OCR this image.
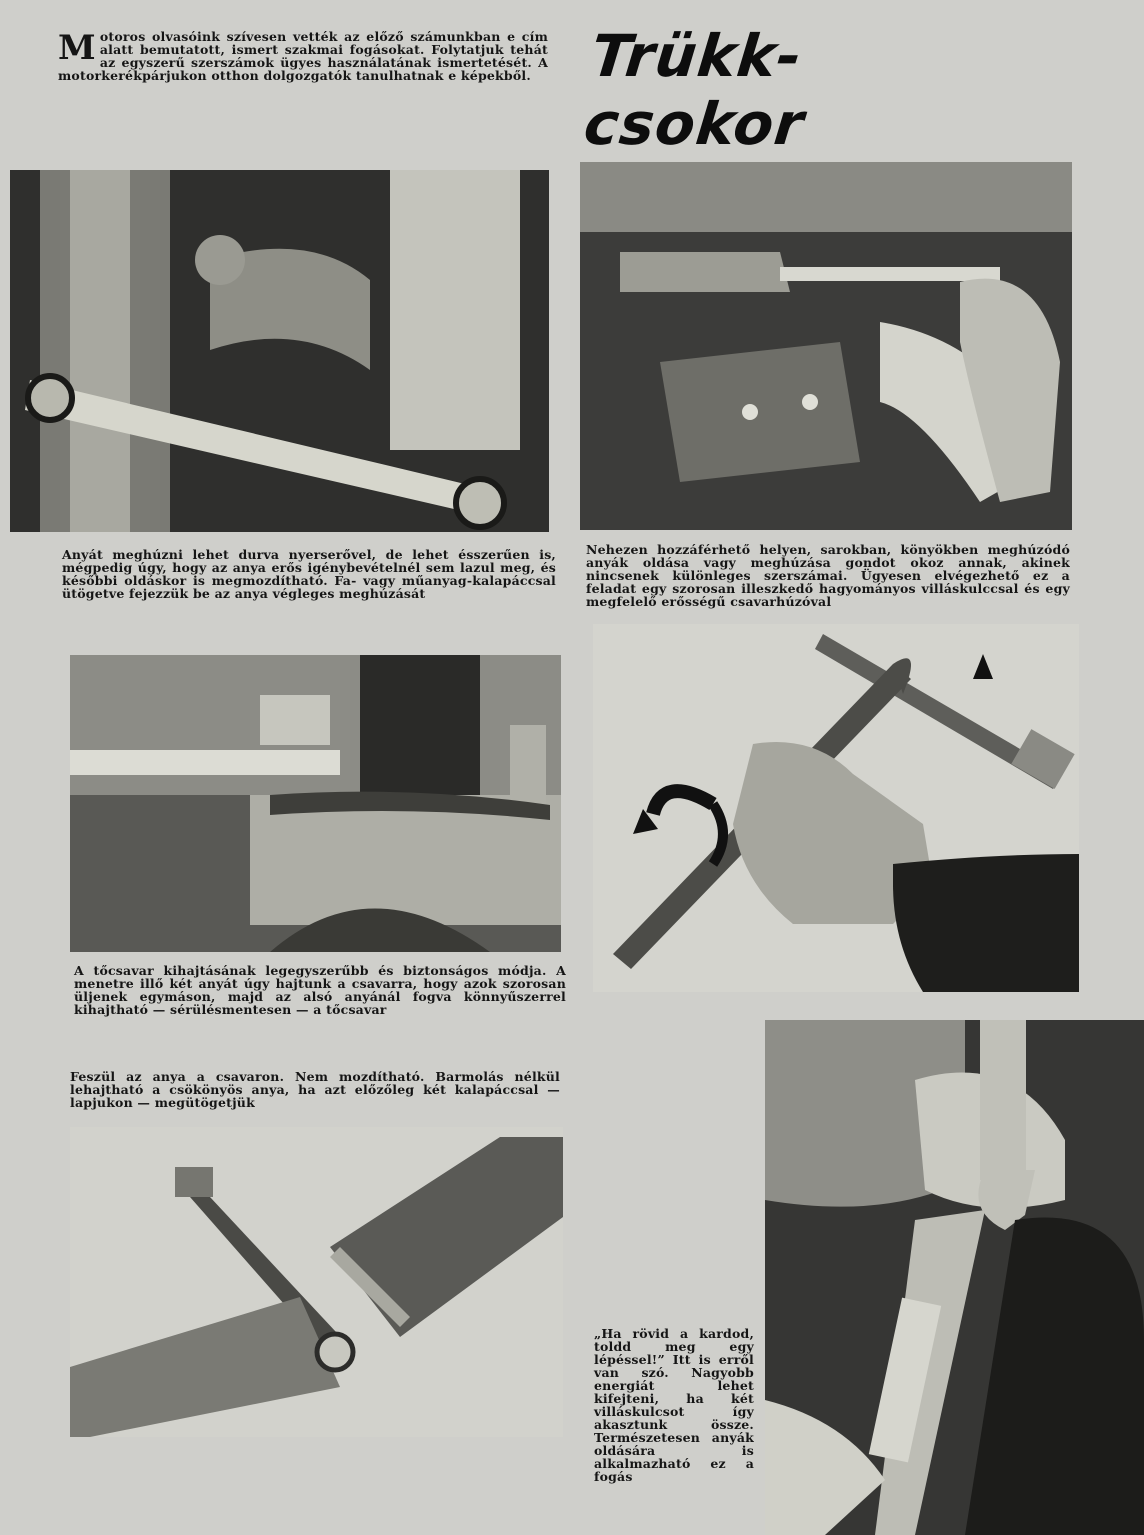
Motoros olvasóink szívesen vették az előző számunkban e cím alatt bemutatott, ismert szakmai fogásokat. Folytatjuk tehát az egyszerű szerszámok ügyes használatának ismertetését. A motorkerékpárjukon otthon dolgozgatók tanulhatnak e képekből. Trükk-csokor
Anyát meghúzni lehet durva nyerserővel, de lehet ésszerűen is, mégpedig úgy, hogy az anya erős igénybevételnél sem lazul meg, és későbbi oldáskor is megmozdítható. Fa- vagy műanyag-kalapáccsal ütögetve fejezzük be az anya végleges meghúzását
Nehezen hozzáférhető helyen, sarokban, könyökben meghúzódó anyák oldása vagy meghúzása gondot okoz annak, akinek nincsenek különleges szerszámai. Ügyesen elvégezhető ez a feladat egy szorosan illeszkedő hagyományos villáskulccsal és egy megfelelő erősségű csavarhúzóval
A tőcsavar kihajtásának legegyszerűbb és biztonságos módja. A menetre illő két anyát úgy hajtunk a csavarra, hogy azok szorosan üljenek egymáson, majd az alsó anyánál fogva könnyűszerrel kihajtható — sérülésmentesen — a tőcsavar
Feszül az anya a csavaron. Nem mozdítható. Barmolás nélkül lehajtható a csökönyös anya, ha azt előzőleg két kalapáccsal — lapjukon — megütögetjük
„Ha rövid a kardod, toldd meg egy lépéssel!” Itt is erről van szó. Nagyobb energiát lehet kifejteni, ha két villáskulcsot így akasztunk össze. Természetesen anyák oldására is alkalmazható ez a fogás
